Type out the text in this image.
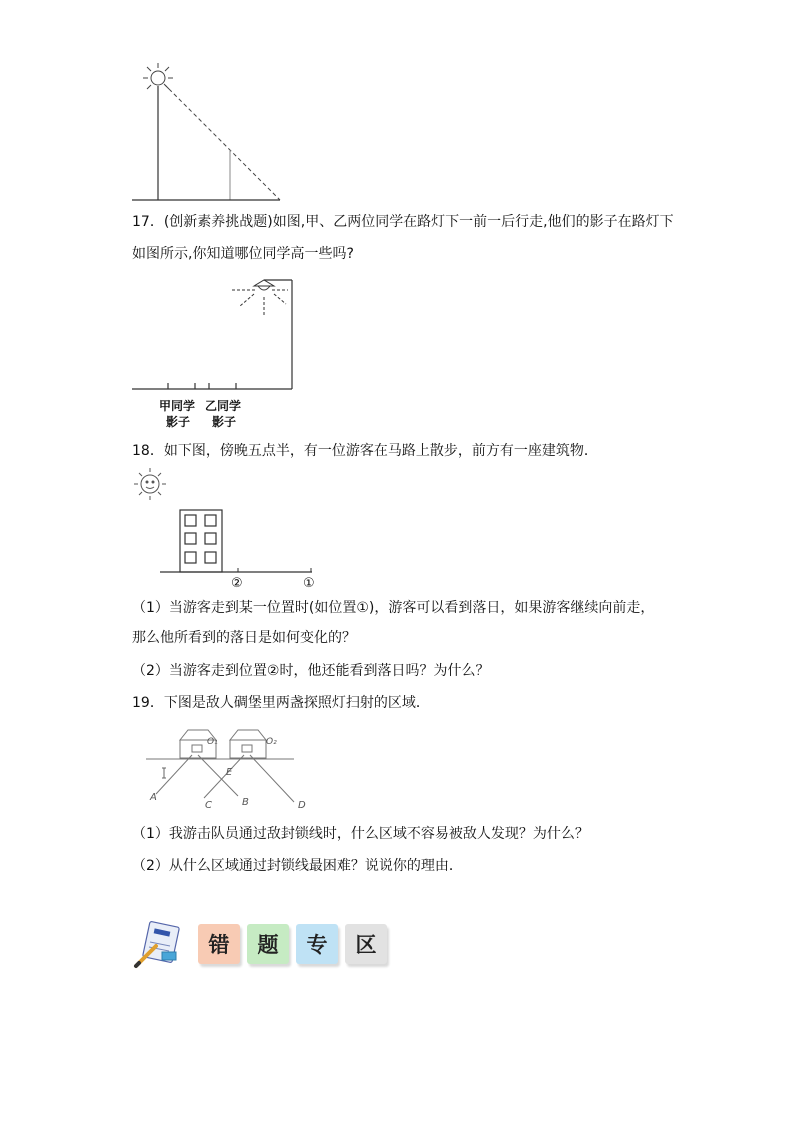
17．(创新素养挑战题)如图,甲、乙两位同学在路灯下一前一后行走,他们的影子在路灯下
如图所示,你知道哪位同学高一些吗?
甲同学
影子
乙同学
影子
18．如下图，傍晚五点半，有一位游客在马路上散步，前方有一座建筑物．
②	①
（1）当游客走到某一位置时(如位置①)，游客可以看到落日，如果游客继续向前走，
那么他所看到的落日是如何变化的？
（2）当游客走到位置②时，他还能看到落日吗？为什么？
19．下图是敌人碉堡里两盏探照灯扫射的区域．
O₁	O₂
E
A	B
C	D
（1）我游击队员通过敌封锁线时，什么区域不容易被敌人发现？为什么？
（2）从什么区域通过封锁线最困难？说说你的理由．
错	题	专	区
